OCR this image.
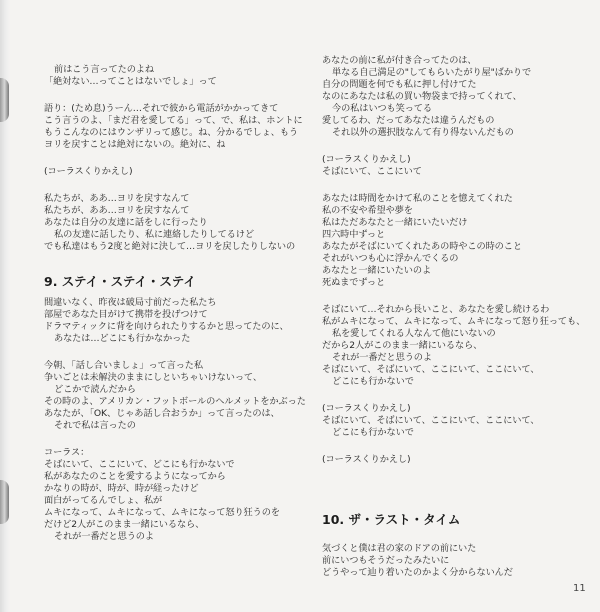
9. ステイ・ステイ・ステイ
前はこう言ってたのよね
「絶対ない…ってことはないでしょ」って
語り：(ため息)うーん…それで彼から電話がかかってきて
こう言うのよ、「まだ君を愛してる」って、で、私は、ホントに
もうこんなのにはウンザリって感じ。ね、分かるでしょ、もう
ヨリを戻すことは絶対にないの。絶対に、ね
(コーラスくりかえし)
私たちが、ああ…ヨリを戻すなんて
私たちが、ああ…ヨリを戻すなんて
あなたは自分の友達に話をしに行ったり
私の友達に話したり、私に連絡したりしてるけど
でも私達はもう2度と絶対に決して…ヨリを戻したりしないの
間違いなく、昨夜は破局寸前だった私たち
部屋であなた目がけて携帯を投げつけて
ドラマティックに背を向けられたりするかと思ってたのに、
あなたは…どこにも行かなかった
今朝、「話し合いましょ」って言った私
争いごとは未解決のままにしといちゃいけないって、
どこかで読んだから
その時のよ、アメリカン・フットボールのヘルメットをかぶった
あなたが、「OK、じゃあ話し合おうか」って言ったのは、
それで私は言ったの
コーラス：
そばにいて、ここにいて、どこにも行かないで
私があなたのことを愛するようになってから
かなりの時が、時が、時が経ったけど
面白がってるんでしょ、私が
ムキになって、ムキになって、ムキになって怒り狂うのを
だけど2人がこのまま一緒にいるなら、
それが一番だと思うのよ
10. ザ・ラスト・タイム
あなたの前に私が付き合ってたのは、
単なる自己満足の"してもらいたがり屋"ばかりで
自分の問題を何でも私に押し付けてた
なのにあなたは私の買い物袋まで持ってくれて、
今の私はいつも笑ってる
愛してるわ、だってあなたは違うんだもの
それ以外の選択肢なんて有り得ないんだもの
(コーラスくりかえし)
そばにいて、ここにいて
あなたは時間をかけて私のことを憶えてくれた
私の不安や希望や夢を
私はただあなたと一緒にいたいだけ
四六時中ずっと
あなたがそばにいてくれたあの時やこの時のこと
それがいつも心に浮かんでくるの
あなたと一緒にいたいのよ
死ぬまでずっと
そばにいて…それから長いこと、あなたを愛し続けるわ
私がムキになって、ムキになって、ムキになって怒り狂っても、
私を愛してくれる人なんて他にいないの
だから2人がこのまま一緒にいるなら、
それが一番だと思うのよ
そばにいて、そばにいて、ここにいて、ここにいて、
どこにも行かないで
(コーラスくりかえし)
そばにいて、そばにいて、ここにいて、ここにいて、
どこにも行かないで
(コーラスくりかえし)
気づくと僕は君の家のドアの前にいた
前にいつもそうだったみたいに
どうやって辿り着いたのかよく分からないんだ
11
